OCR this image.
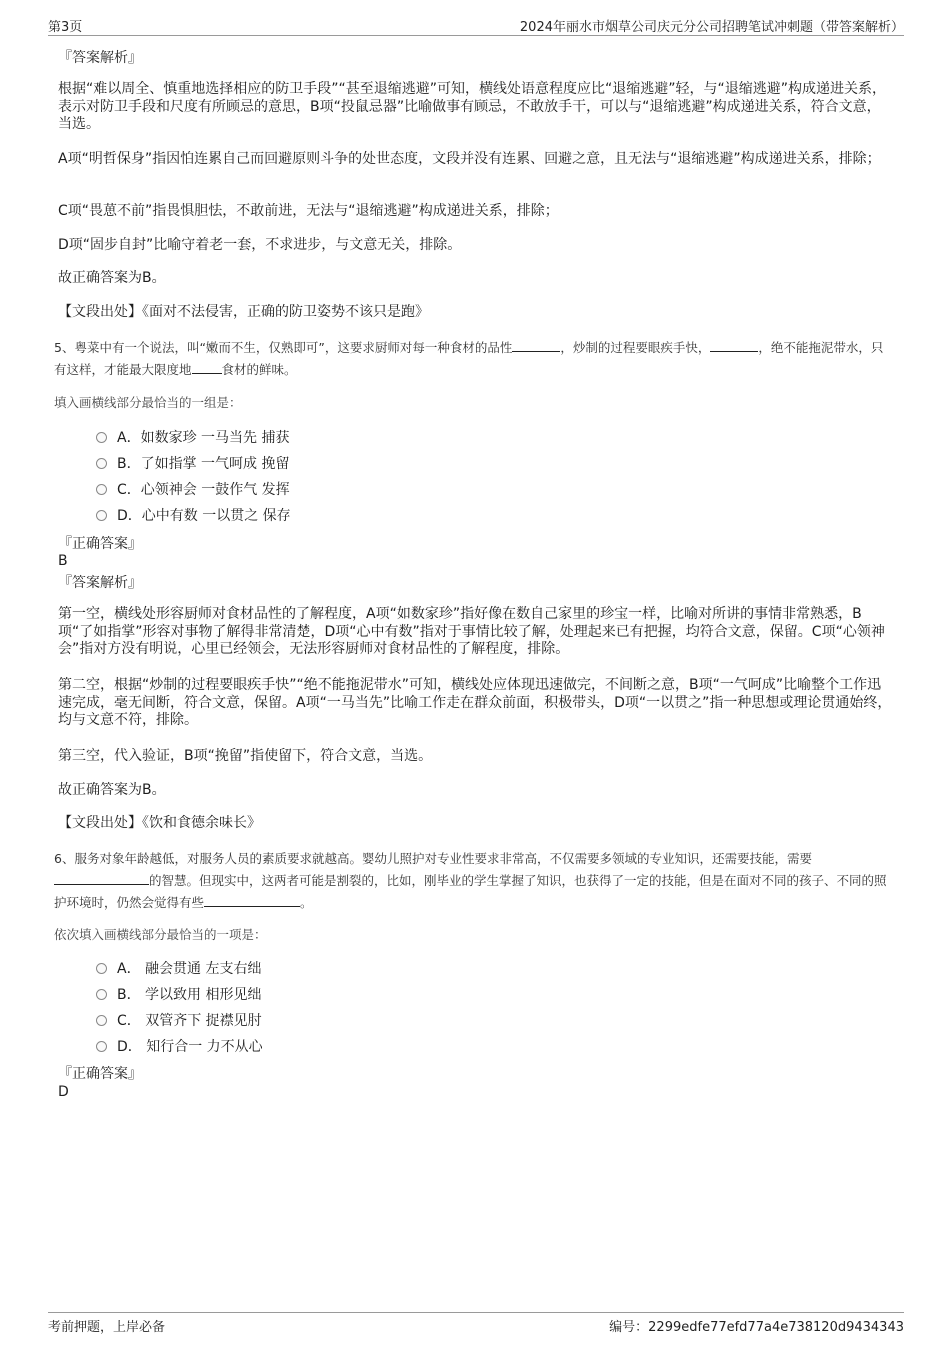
第3页	2024年丽水市烟草公司庆元分公司招聘笔试冲刺题（带答案解析）

『答案解析』

根据“难以周全、慎重地选择相应的防卫手段”“甚至退缩逃避”可知，横线处语意程度应比“退缩逃避”轻，与“退缩逃避”构成递进关系，表示对防卫手段和尺度有所顾忌的意思，B项“投鼠忌器”比喻做事有顾忌，不敢放手干，可以与“退缩逃避”构成递进关系，符合文意，当选。

A项“明哲保身”指因怕连累自己而回避原则斗争的处世态度，文段并没有连累、回避之意，且无法与“退缩逃避”构成递进关系，排除；

C项“畏葸不前”指畏惧胆怯，不敢前进，无法与“退缩逃避”构成递进关系，排除；

D项“固步自封”比喻守着老一套，不求进步，与文意无关，排除。

故正确答案为B。

【文段出处】《面对不法侵害，正确的防卫姿势不该只是跑》

5、粤菜中有一个说法，叫“嫩而不生，仅熟即可”，这要求厨师对每一种食材的品性	，炒制的过程要眼疾手快，	，绝不能拖泥带水，只有这样，才能最大限度地 食材的鲜味。

填入画横线部分最恰当的一组是：

A．如数家珍 一马当先 捕获
B．了如指掌 一气呵成 挽留
C．心领神会 一鼓作气 发挥
D．心中有数 一以贯之 保存

『正确答案』

B

『答案解析』

第一空，横线处形容厨师对食材品性的了解程度，A项“如数家珍”指好像在数自己家里的珍宝一样，比喻对所讲的事情非常熟悉，B项“了如指掌”形容对事物了解得非常清楚，D项“心中有数”指对于事情比较了解，处理起来已有把握，均符合文意，保留。C项“心领神会”指对方没有明说，心里已经领会，无法形容厨师对食材品性的了解程度，排除。

第二空，根据“炒制的过程要眼疾手快”“绝不能拖泥带水”可知，横线处应体现迅速做完，不间断之意，B项“一气呵成”比喻整个工作迅速完成，毫无间断，符合文意，保留。A项“一马当先”比喻工作走在群众前面，积极带头，D项“一以贯之”指一种思想或理论贯通始终，均与文意不符，排除。

第三空，代入验证，B项“挽留”指使留下，符合文意，当选。

故正确答案为B。

【文段出处】《饮和食德余味长》

6、服务对象年龄越低，对服务人员的素质要求就越高。婴幼儿照护对专业性要求非常高，不仅需要多领域的专业知识，还需要技能，需要
的智慧。但现实中，这两者可能是割裂的，比如，刚毕业的学生掌握了知识，也获得了一定的技能，但是在面对不同的孩子、不同的照护环境时，仍然会觉得有些	。

依次填入画横线部分最恰当的一项是：

A． 融会贯通 左支右绌
B． 学以致用 相形见绌
C． 双管齐下 捉襟见肘
D． 知行合一 力不从心

『正确答案』

D

考前押题，上岸必备	编号：2299edfe77efd77a4e738120d9434343
